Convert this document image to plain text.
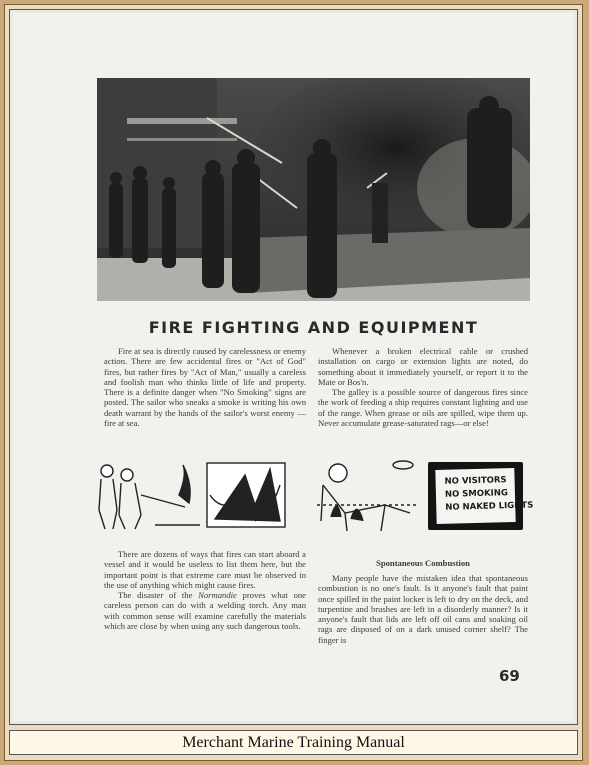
FIRE FIGHTING AND EQUIPMENT

Fire at sea is directly caused by carelessness or enemy action. There are few accidental fires or "Act of God" fires, but rather fires by "Act of Man," usually a careless and foolish man who thinks little of life and property. There is a definite danger when "No Smoking" signs are posted. The sailor who sneaks a smoke is writing his own death warrant by the hands of the sailor's worst enemy — fire at sea.

Whenever a broken electrical cable or crushed installation on cargo or extension lights are noted, do something about it immediately yourself, or report it to the Mate or Bos'n.

The galley is a possible source of dangerous fires since the work of feeding a ship requires constant lighting and use of the range. When grease or oils are spilled, wipe them up. Never accumulate grease-saturated rags—or else!

NO VISITORS
NO SMOKING
NO NAKED LIGHTS

There are dozens of ways that fires can start aboard a vessel and it would be useless to list them here, but the important point is that extreme care must be observed in the use of anything which might cause fires.

The disaster of the Normandie proves what one careless person can do with a welding torch. Any man with common sense will examine carefully the materials which are close by when using any such dangerous tools.

Spontaneous Combustion

Many people have the mistaken idea that spontaneous combustion is no one's fault. Is it anyone's fault that paint once spilled in the paint locker is left to dry on the deck, and turpentine and brushes are left in a disorderly manner? Is it anyone's fault that lids are left off oil cans and soaking oil rags are disposed of on a dark unused corner shelf? The finger is

69
Merchant Marine Training Manual
